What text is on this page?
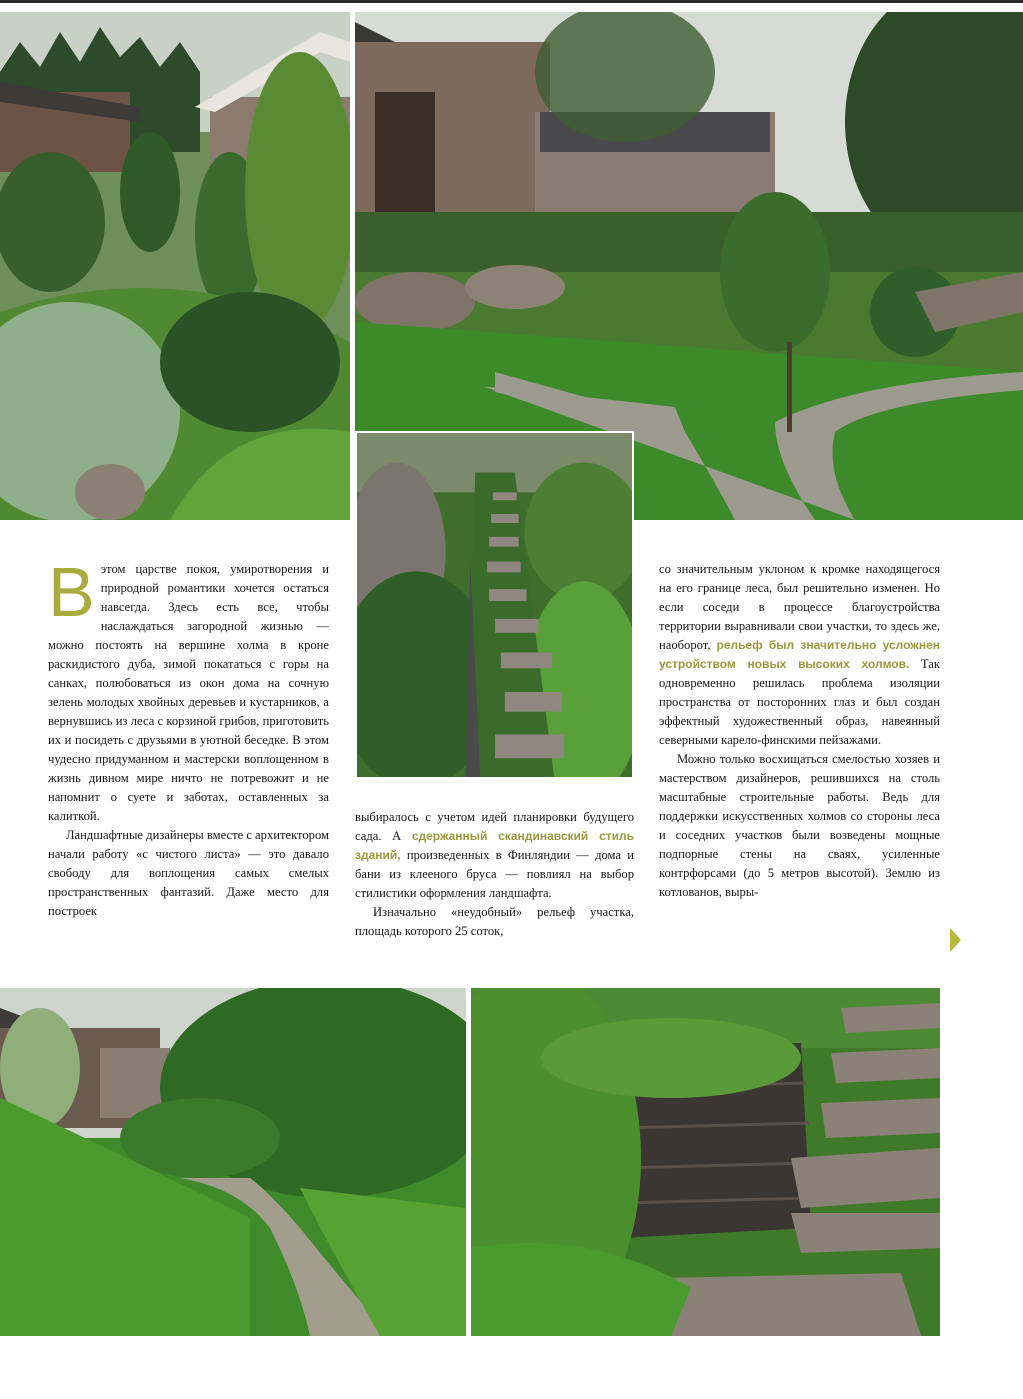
Вэтом царстве покоя, умиротворения и природной романтики хочется остаться навсегда. Здесь есть все, чтобы наслаждаться загородной жизнью — можно постоять на вершине холма в кроне раскидистого дуба, зимой покататься с горы на санках, полюбоваться из окон дома на сочную зелень молодых хвойных деревьев и кустарников, а вернувшись из леса с корзиной грибов, приготовить их и посидеть с друзьями в уютной беседке. В этом чудесно придуманном и мастерски воплощенном в жизнь дивном мире ничто не потревожит и не напомнит о суете и заботах, оставленных за калиткой.

Ландшафтные дизайнеры вместе с архитектором начали работу «с чистого листа» — это давало свободу для воплощения самых смелых пространственных фантазий. Даже место для построек

выбиралось с учетом идей планировки будущего сада. А сдержанный скандинавский стиль зданий, произведенных в Финляндии — дома и бани из клееного бруса — повлиял на выбор стилистики оформления ландшафта.

Изначально «неудобный» рельеф участка, площадь которого 25 соток,

со значительным уклоном к кромке находящегося на его границе леса, был решительно изменен. Но если соседи в процессе благоустройства территории выравнивали свои участки, то здесь же, наоборот, рельеф был значительно усложнен устройством новых высоких холмов. Так одновременно решилась проблема изоляции пространства от посторонних глаз и был создан эффектный художественный образ, навеянный северными карело-финскими пейзажами.

Можно только восхищаться смелостью хозяев и мастерством дизайнеров, решившихся на столь масштабные строительные работы. Ведь для поддержки искусственных холмов со стороны леса и соседних участков были возведены мощные подпорные стены на сваях, усиленные контрфорсами (до 5 метров высотой). Землю из котлованов, выры-
